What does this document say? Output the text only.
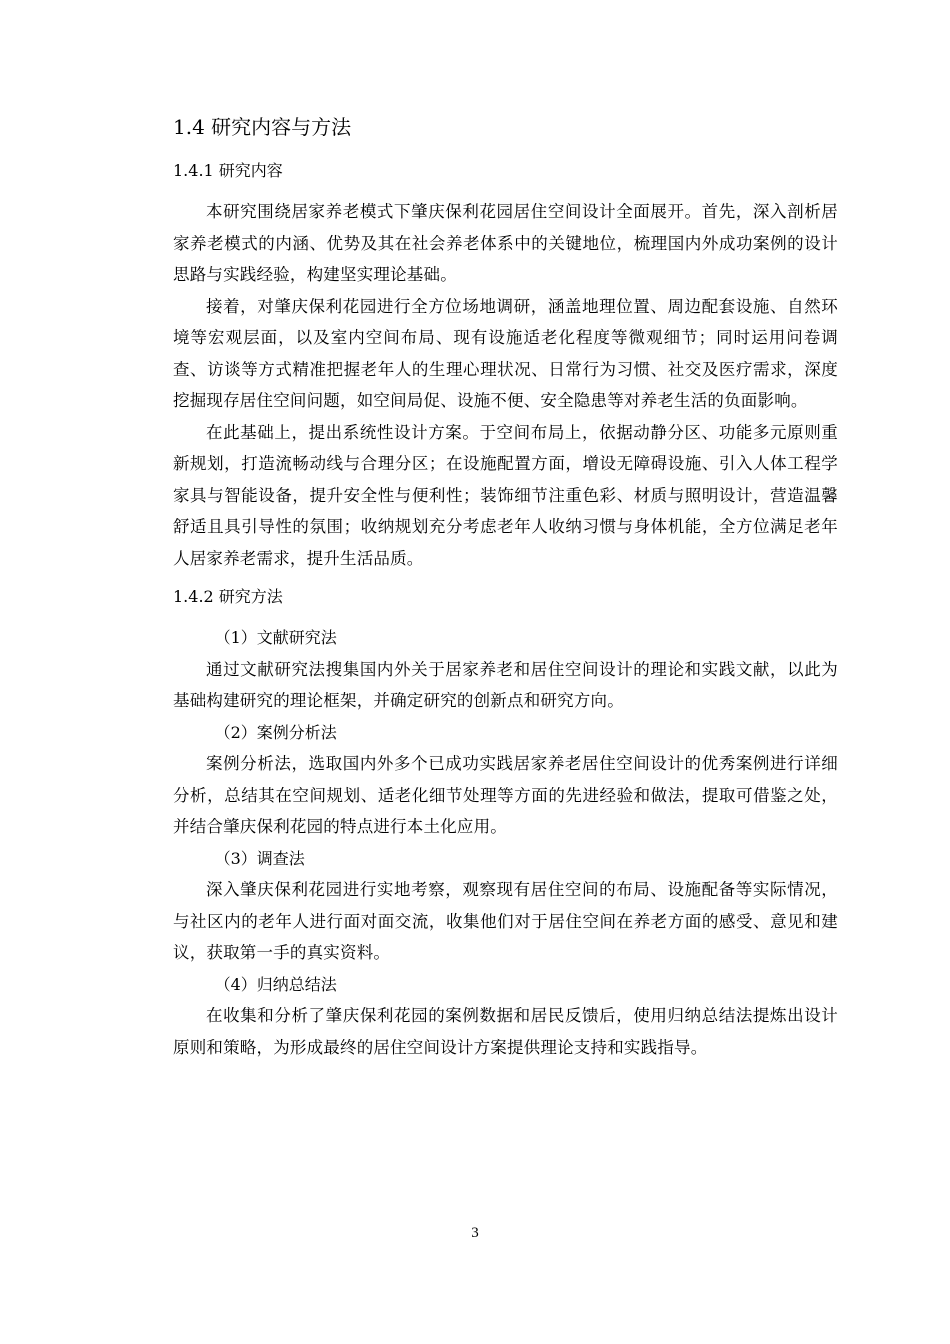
1.4 研究内容与方法
1.4.1 研究内容

本研究围绕居家养老模式下肇庆保利花园居住空间设计全面展开。首先，深入剖析居家养老模式的内涵、优势及其在社会养老体系中的关键地位，梳理国内外成功案例的设计思路与实践经验，构建坚实理论基础。

接着，对肇庆保利花园进行全方位场地调研，涵盖地理位置、周边配套设施、自然环境等宏观层面，以及室内空间布局、现有设施适老化程度等微观细节；同时运用问卷调查、访谈等方式精准把握老年人的生理心理状况、日常行为习惯、社交及医疗需求，深度挖掘现存居住空间问题，如空间局促、设施不便、安全隐患等对养老生活的负面影响。

在此基础上，提出系统性设计方案。于空间布局上，依据动静分区、功能多元原则重新规划，打造流畅动线与合理分区；在设施配置方面，增设无障碍设施、引入人体工程学家具与智能设备，提升安全性与便利性；装饰细节注重色彩、材质与照明设计，营造温馨舒适且具引导性的氛围；收纳规划充分考虑老年人收纳习惯与身体机能，全方位满足老年人居家养老需求，提升生活品质。

1.4.2 研究方法

（1）文献研究法

通过文献研究法搜集国内外关于居家养老和居住空间设计的理论和实践文献，以此为基础构建研究的理论框架，并确定研究的创新点和研究方向。

（2）案例分析法

案例分析法，选取国内外多个已成功实践居家养老居住空间设计的优秀案例进行详细分析，总结其在空间规划、适老化细节处理等方面的先进经验和做法，提取可借鉴之处，并结合肇庆保利花园的特点进行本土化应用。

（3）调查法

深入肇庆保利花园进行实地考察，观察现有居住空间的布局、设施配备等实际情况，与社区内的老年人进行面对面交流，收集他们对于居住空间在养老方面的感受、意见和建议，获取第一手的真实资料。

（4）归纳总结法

在收集和分析了肇庆保利花园的案例数据和居民反馈后，使用归纳总结法提炼出设计原则和策略，为形成最终的居住空间设计方案提供理论支持和实践指导。

3
